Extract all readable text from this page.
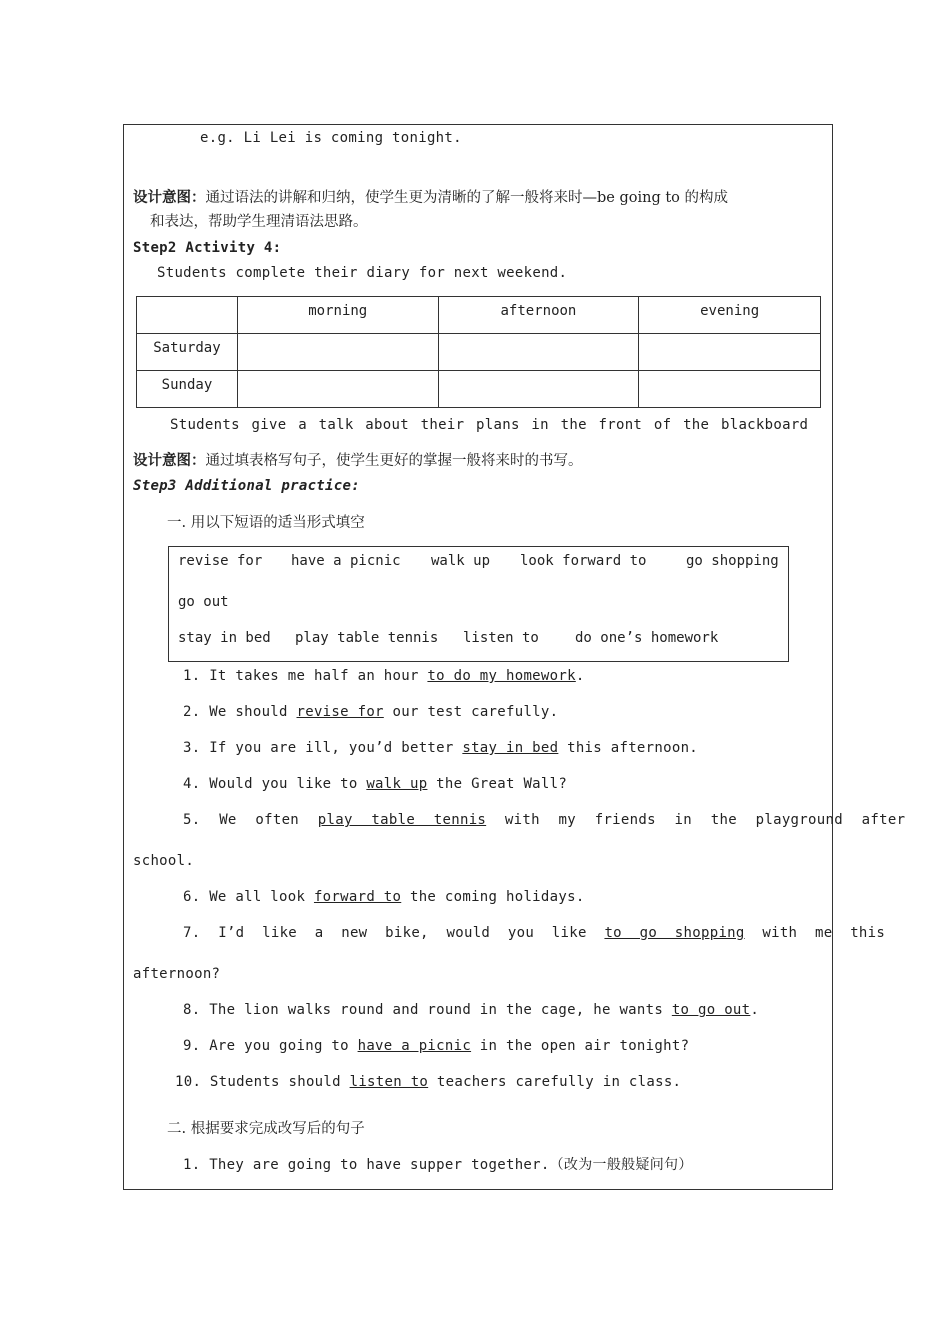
e.g. Li Lei is coming tonight.
设计意图：通过语法的讲解和归纳，使学生更为清晰的了解一般将来时—be going to 的构成
和表达，帮助学生理清语法思路。
Step2 Activity 4:
Students complete their diary for next weekend.
	morning	afternoon	evening
Saturday			
Sunday			
Students give a talk about their plans in the front of the blackboard
设计意图：通过填表格写句子，使学生更好的掌握一般将来时的书写。
Step3 Additional practice:
一. 用以下短语的适当形式填空
revise for have a picnic walk up look forward to	go shopping
go out
stay in bed play table tennis listen to	do one’s homework
1. It takes me half an hour to do my homework.
2. We should revise for our test carefully.
3. If you are ill, you’d better stay in bed this afternoon.
4. Would you like to walk up the Great Wall?
5. We often play table tennis with my friends in the playground after
school.
6. We all look forward to the coming holidays.
7. I’d like a new bike, would you like to go shopping with me this
afternoon?
8. The lion walks round and round in the cage, he wants to go out.
9. Are you going to have a picnic in the open air tonight?
10. Students should listen to teachers carefully in class.
二. 根据要求完成改写后的句子
1. They are going to have supper together.（改为一般般疑问句）
